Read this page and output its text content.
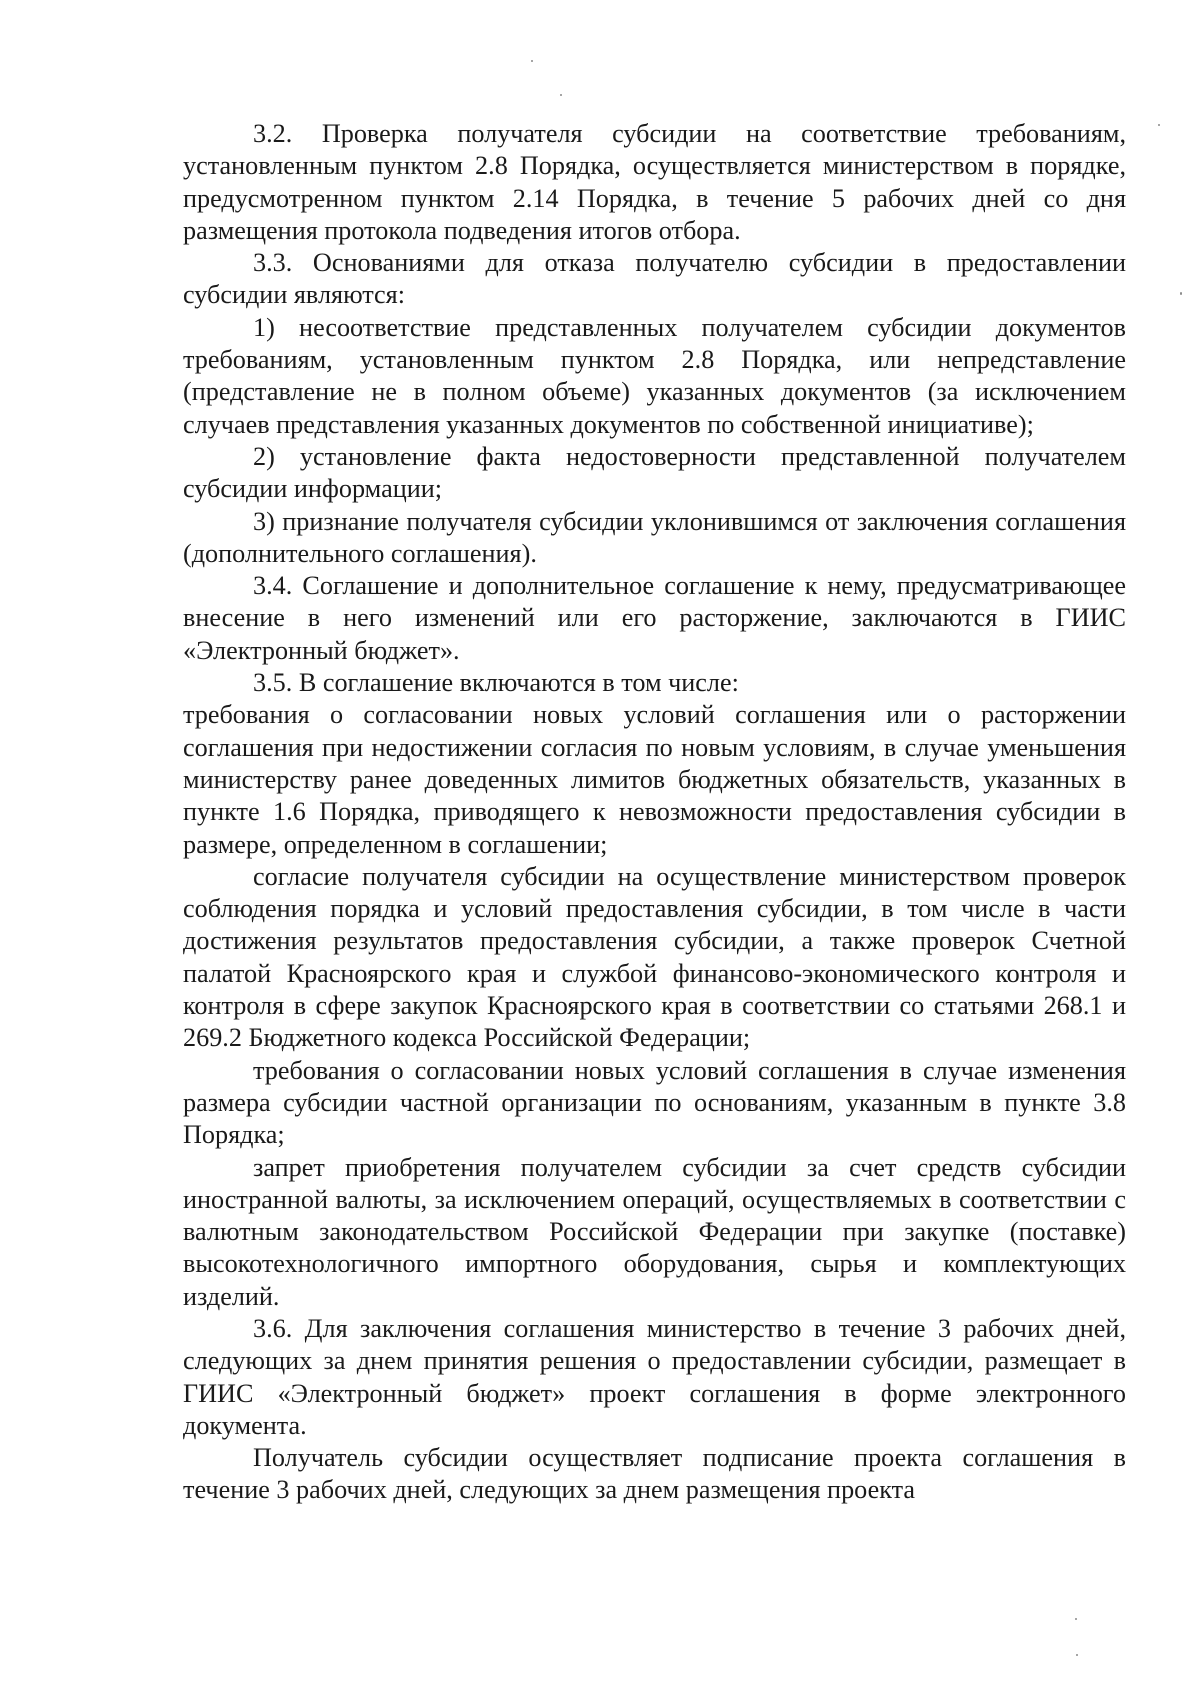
3.2. Проверка получателя субсидии на соответствие требованиям, установленным пунктом 2.8 Порядка, осуществляется министерством в порядке, предусмотренном пунктом 2.14 Порядка, в течение 5 рабочих дней со дня размещения протокола подведения итогов отбора.

3.3. Основаниями для отказа получателю субсидии в предоставлении субсидии являются:

1) несоответствие представленных получателем субсидии документов требованиям, установленным пунктом 2.8 Порядка, или непредставление (представление не в полном объеме) указанных документов (за исключением случаев представления указанных документов по собственной инициативе);

2) установление факта недостоверности представленной получателем субсидии информации;

3) признание получателя субсидии уклонившимся от заключения соглашения (дополнительного соглашения).

3.4. Соглашение и дополнительное соглашение к нему, предусматривающее внесение в него изменений или его расторжение, заключаются в ГИИС «Электронный бюджет».

3.5. В соглашение включаются в том числе:

требования о согласовании новых условий соглашения или о расторжении соглашения при недостижении согласия по новым условиям, в случае уменьшения министерству ранее доведенных лимитов бюджетных обязательств, указанных в пункте 1.6 Порядка, приводящего к невозможности предоставления субсидии в размере, определенном в соглашении;

согласие получателя субсидии на осуществление министерством проверок соблюдения порядка и условий предоставления субсидии, в том числе в части достижения результатов предоставления субсидии, а также проверок Счетной палатой Красноярского края и службой финансово-экономического контроля и контроля в сфере закупок Красноярского края в соответствии со статьями 268.1 и 269.2 Бюджетного кодекса Российской Федерации;

требования о согласовании новых условий соглашения в случае изменения размера субсидии частной организации по основаниям, указанным в пункте 3.8 Порядка;

запрет приобретения получателем субсидии за счет средств субсидии иностранной валюты, за исключением операций, осуществляемых в соответствии с валютным законодательством Российской Федерации при закупке (поставке) высокотехнологичного импортного оборудования, сырья и комплектующих изделий.

3.6. Для заключения соглашения министерство в течение 3 рабочих дней, следующих за днем принятия решения о предоставлении субсидии, размещает в ГИИС «Электронный бюджет» проект соглашения в форме электронного документа.

Получатель субсидии осуществляет подписание проекта соглашения в течение 3 рабочих дней, следующих за днем размещения проекта
